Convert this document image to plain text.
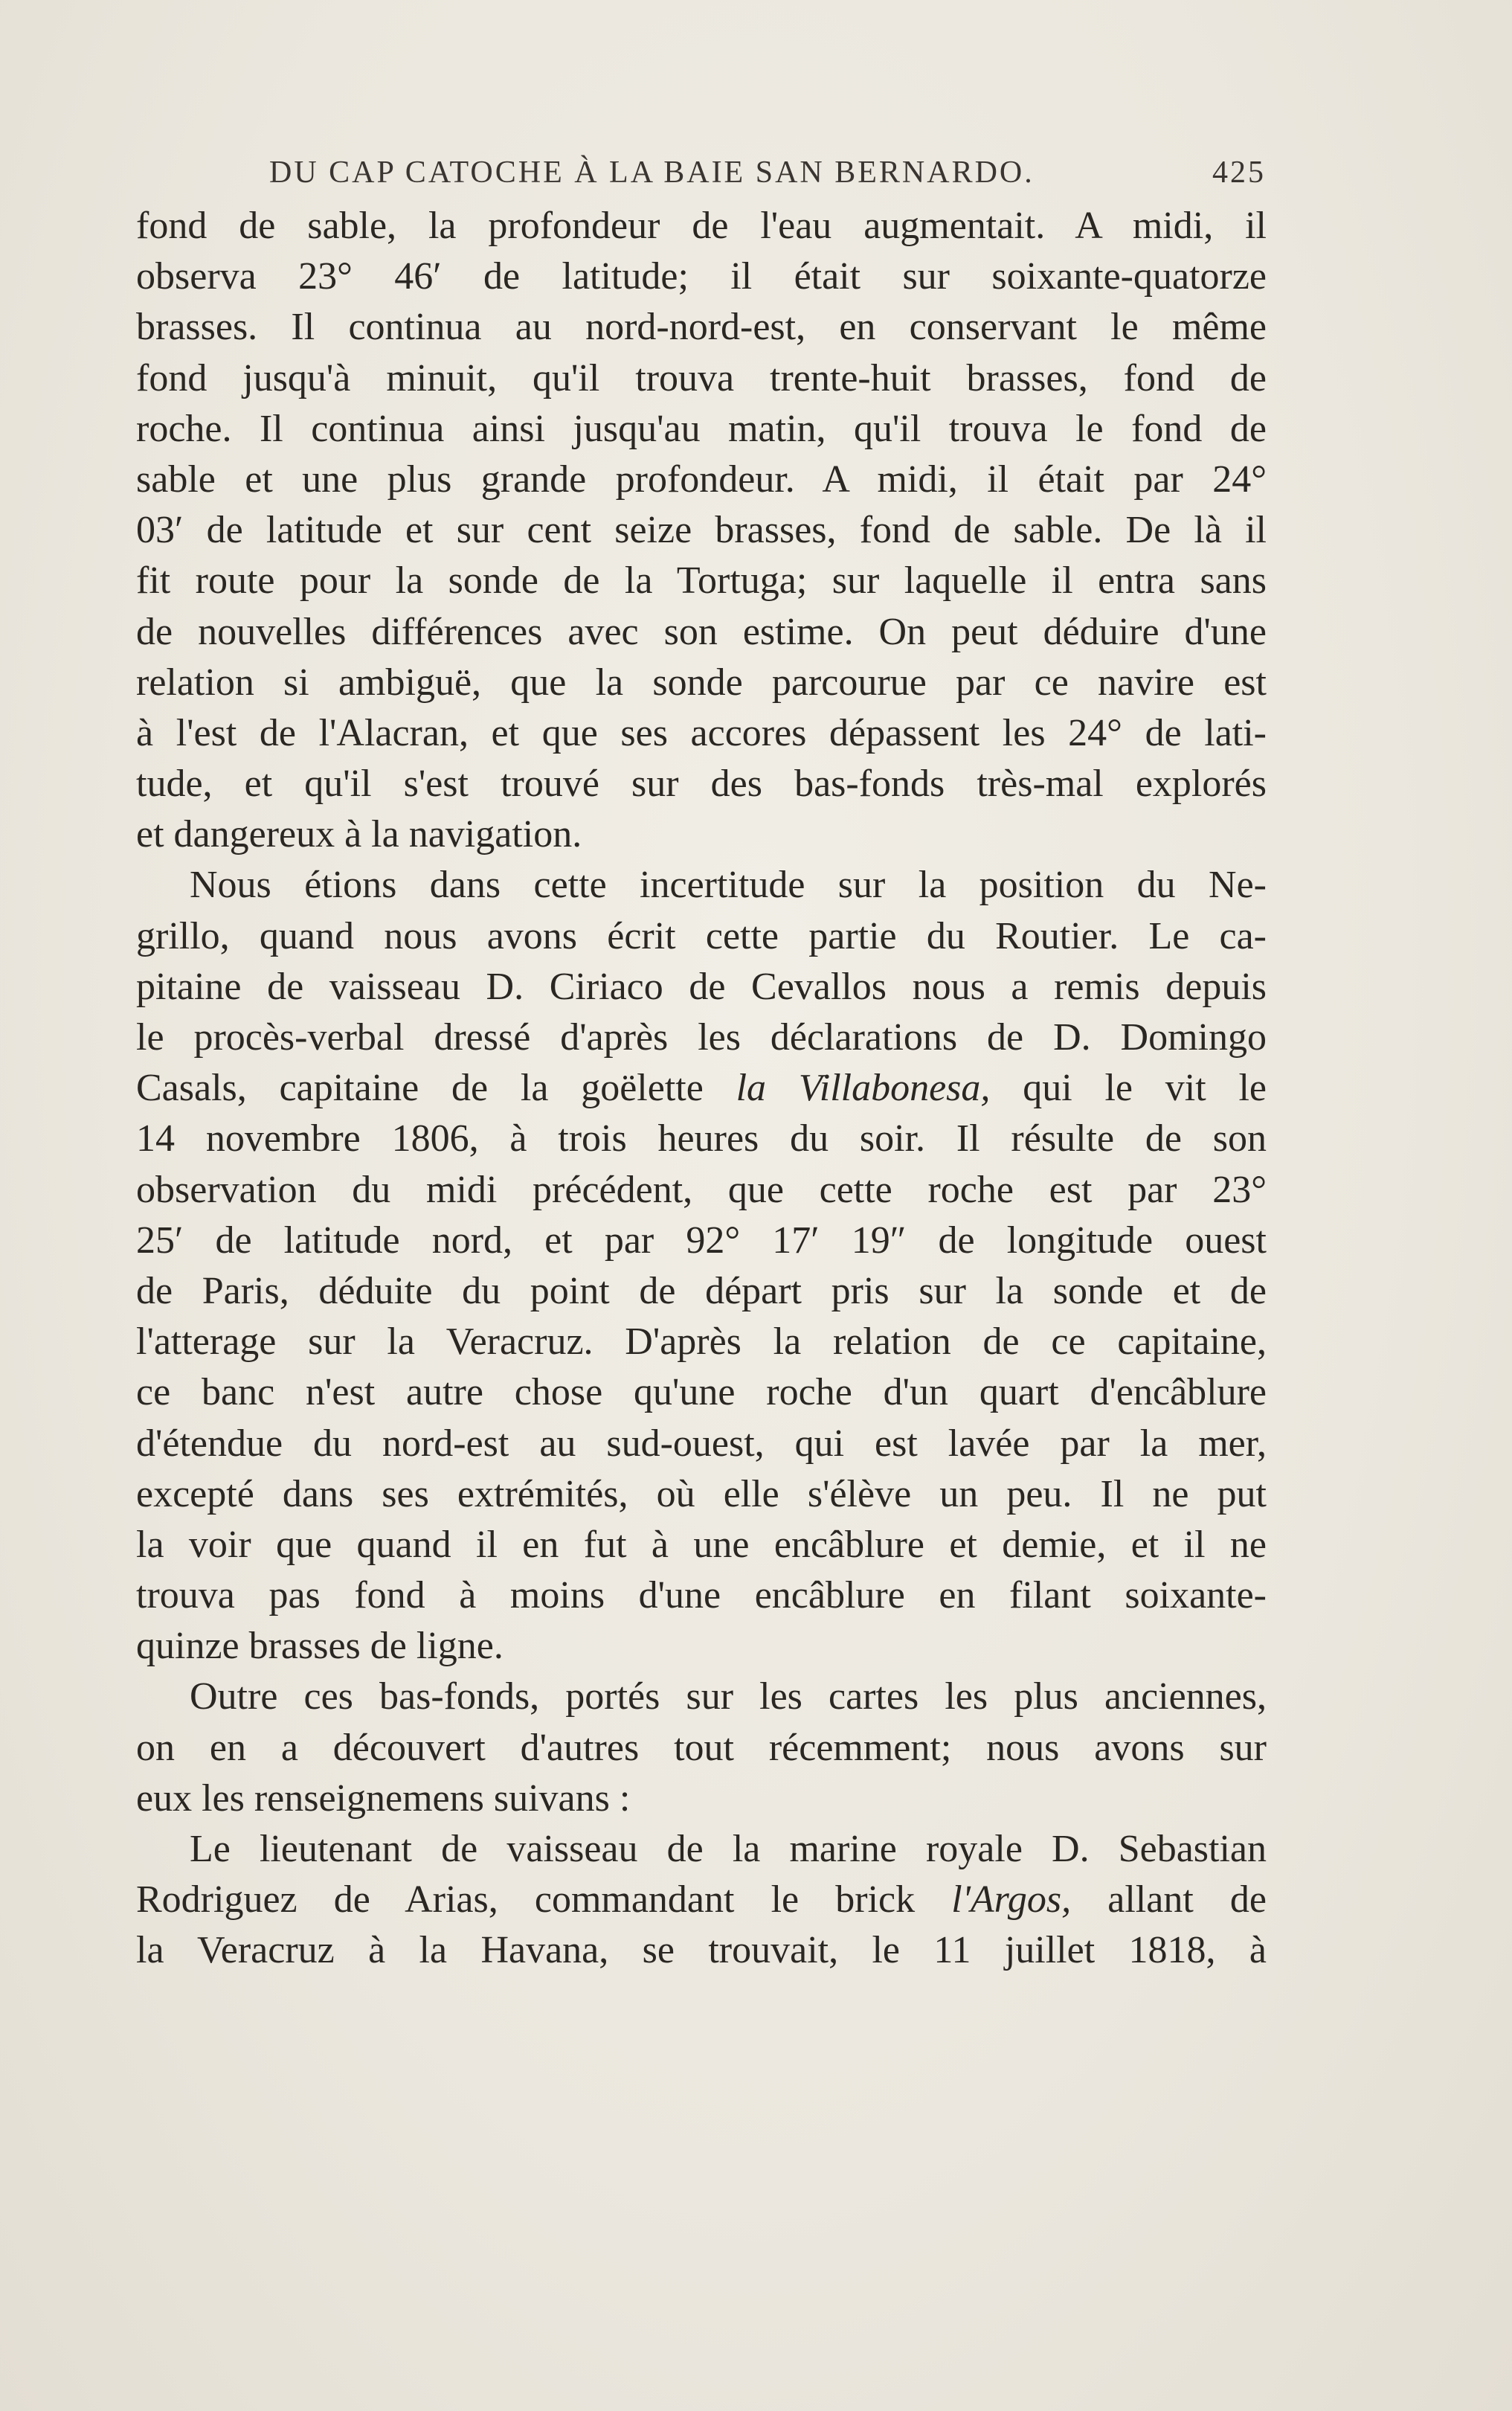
DU CAP CATOCHE À LA BAIE SAN BERNARDO.	425
fond de sable, la profondeur de l'eau augmentait. A midi, il
observa 23° 46′ de latitude; il était sur soixante-quatorze
brasses. Il continua au nord-nord-est, en conservant le même
fond jusqu'à minuit, qu'il trouva trente-huit brasses, fond de
roche. Il continua ainsi jusqu'au matin, qu'il trouva le fond de
sable et une plus grande profondeur. A midi, il était par 24°
03′ de latitude et sur cent seize brasses, fond de sable. De là il
fit route pour la sonde de la Tortuga; sur laquelle il entra sans
de nouvelles différences avec son estime. On peut déduire d'une
relation si ambiguë, que la sonde parcourue par ce navire est
à l'est de l'Alacran, et que ses accores dépassent les 24° de lati-
tude, et qu'il s'est trouvé sur des bas-fonds très-mal explorés
et dangereux à la navigation.
Nous étions dans cette incertitude sur la position du Ne-
grillo, quand nous avons écrit cette partie du Routier. Le ca-
pitaine de vaisseau D. Ciriaco de Cevallos nous a remis depuis
le procès-verbal dressé d'après les déclarations de D. Domingo
Casals, capitaine de la goëlette la Villabonesa, qui le vit le
14 novembre 1806, à trois heures du soir. Il résulte de son
observation du midi précédent, que cette roche est par 23°
25′ de latitude nord, et par 92° 17′ 19″ de longitude ouest
de Paris, déduite du point de départ pris sur la sonde et de
l'atterage sur la Veracruz. D'après la relation de ce capitaine,
ce banc n'est autre chose qu'une roche d'un quart d'encâblure
d'étendue du nord-est au sud-ouest, qui est lavée par la mer,
excepté dans ses extrémités, où elle s'élève un peu. Il ne put
la voir que quand il en fut à une encâblure et demie, et il ne
trouva pas fond à moins d'une encâblure en filant soixante-
quinze brasses de ligne.
Outre ces bas-fonds, portés sur les cartes les plus anciennes,
on en a découvert d'autres tout récemment; nous avons sur
eux les renseignemens suivans :
Le lieutenant de vaisseau de la marine royale D. Sebastian
Rodriguez de Arias, commandant le brick l'Argos, allant de
la Veracruz à la Havana, se trouvait, le 11 juillet 1818, à
